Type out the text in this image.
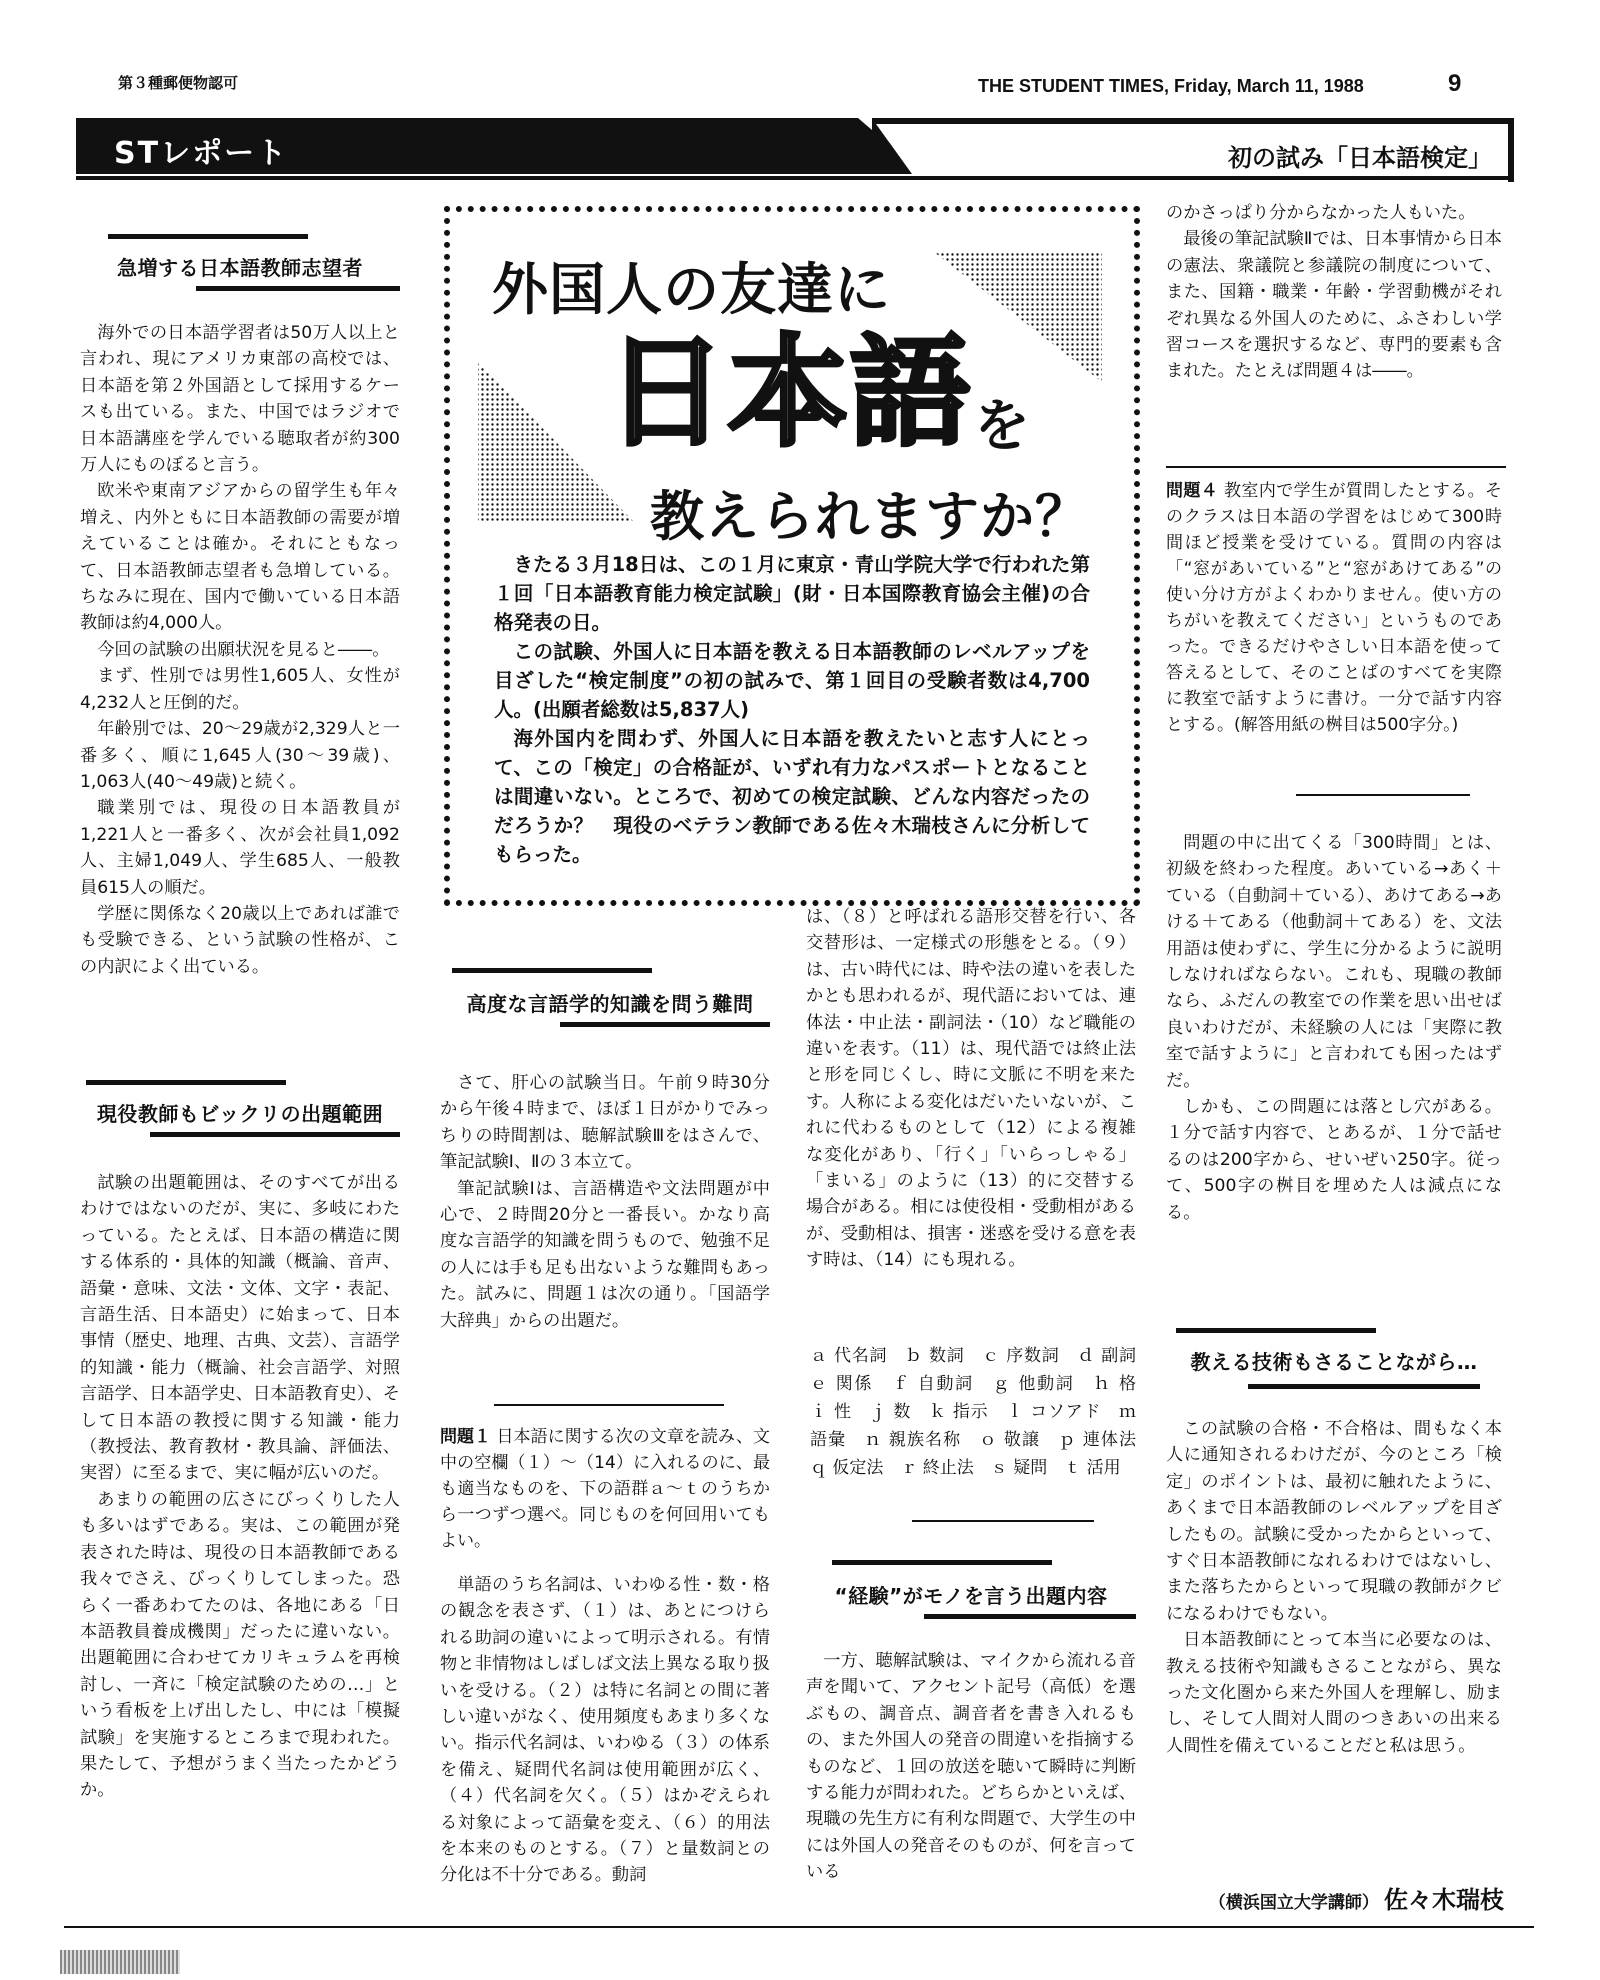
第３種郵便物認可	THE STUDENT TIMES, Friday, March 11, 1988	9
STレポート	初の試み「日本語検定」
急増する日本語教師志望者
海外での日本語学習者は50万人以上と言われ、現にアメリカ東部の高校では、日本語を第２外国語として採用するケースも出ている。また、中国ではラジオで日本語講座を学んでいる聴取者が約300万人にものぼると言う。
欧米や東南アジアからの留学生も年々増え、内外ともに日本語教師の需要が増えていることは確か。それにともなって、日本語教師志望者も急増している。ちなみに現在、国内で働いている日本語教師は約4,000人。
今回の試験の出願状況を見ると――。
まず、性別では男性1,605人、女性が4,232人と圧倒的だ。
年齢別では、20～29歳が2,329人と一番多く、順に1,645人(30～39歳)、1,063人(40～49歳)と続く。
職業別では、現役の日本語教員が1,221人と一番多く、次が会社員1,092人、主婦1,049人、学生685人、一般教員615人の順だ。
学歴に関係なく20歳以上であれば誰でも受験できる、という試験の性格が、この内訳によく出ている。
現役教師もビックリの出題範囲
試験の出題範囲は、そのすべてが出るわけではないのだが、実に、多岐にわたっている。たとえば、日本語の構造に関する体系的・具体的知識（概論、音声、語彙・意味、文法・文体、文字・表記、言語生活、日本語史）に始まって、日本事情（歴史、地理、古典、文芸）、言語学的知識・能力（概論、社会言語学、対照言語学、日本語学史、日本語教育史）、そして日本語の教授に関する知識・能力（教授法、教育教材・教具論、評価法、実習）に至るまで、実に幅が広いのだ。
あまりの範囲の広さにびっくりした人も多いはずである。実は、この範囲が発表された時は、現役の日本語教師である我々でさえ、びっくりしてしまった。恐らく一番あわてたのは、各地にある「日本語教員養成機関」だったに違いない。出題範囲に合わせてカリキュラムを再検討し、一斉に「検定試験のための…」という看板を上げ出したし、中には「模擬試験」を実施するところまで現われた。果たして、予想がうまく当たったかどうか。
外国人の友達に
日本語 を
教えられますか？
きたる３月18日は、この１月に東京・青山学院大学で行われた第１回「日本語教育能力検定試験」(財・日本国際教育協会主催)の合格発表の日。
この試験、外国人に日本語を教える日本語教師のレベルアップを目ざした“検定制度”の初の試みで、第１回目の受験者数は4,700人。(出願者総数は5,837人)
海外国内を問わず、外国人に日本語を教えたいと志す人にとって、この「検定」の合格証が、いずれ有力なパスポートとなることは間違いない。ところで、初めての検定試験、どんな内容だったのだろうか？　現役のベテラン教師である佐々木瑞枝さんに分析してもらった。
高度な言語学的知識を問う難問
さて、肝心の試験当日。午前９時30分から午後４時まで、ほぼ１日がかりでみっちりの時間割は、聴解試験Ⅲをはさんで、筆記試験Ⅰ、Ⅱの３本立て。
筆記試験Ⅰは、言語構造や文法問題が中心で、２時間20分と一番長い。かなり高度な言語学的知識を問うもので、勉強不足の人には手も足も出ないような難問もあった。試みに、問題１は次の通り。「国語学大辞典」からの出題だ。
問題１ 日本語に関する次の文章を読み、文中の空欄（１）～（14）に入れるのに、最も適当なものを、下の語群ａ～ｔのうちから一つずつ選べ。同じものを何回用いてもよい。
単語のうち名詞は、いわゆる性・数・格の観念を表さず、（１）は、あとにつけられる助詞の違いによって明示される。有情物と非情物はしばしば文法上異なる取り扱いを受ける。（２）は特に名詞との間に著しい違いがなく、使用頻度もあまり多くない。指示代名詞は、いわゆる（３）の体系を備え、疑問代名詞は使用範囲が広く、（４）代名詞を欠く。（５）はかぞえられる対象によって語彙を変え、（６）的用法を本来のものとする。（７）と量数詞との分化は不十分である。動詞
は、（８）と呼ばれる語形交替を行い、各交替形は、一定様式の形態をとる。（９）は、古い時代には、時や法の違いを表したかとも思われるが、現代語においては、連体法・中止法・副詞法・（10）など職能の違いを表す。（11）は、現代語では終止法と形を同じくし、時に文脈に不明を来たす。人称による変化はだいたいないが、これに代わるものとして（12）による複雑な変化があり、「行く」「いらっしゃる」「まいる」のように（13）的に交替する場合がある。相には使役相・受動相があるが、受動相は、損害・迷惑を受ける意を表す時は、（14）にも現れる。
ａ 代名詞　ｂ 数詞　ｃ 序数詞　ｄ 副詞　ｅ 関係　ｆ 自動詞　ｇ 他動詞　ｈ 格　ｉ 性　ｊ 数　ｋ 指示　ｌ コソアド　ｍ 語彙　ｎ 親族名称　ｏ 敬譲　ｐ 連体法　ｑ 仮定法　ｒ 終止法　ｓ 疑問　ｔ 活用
“経験”がモノを言う出題内容
一方、聴解試験は、マイクから流れる音声を聞いて、アクセント記号（高低）を選ぶもの、調音点、調音者を書き入れるもの、また外国人の発音の間違いを指摘するものなど、１回の放送を聴いて瞬時に判断する能力が問われた。どちらかといえば、現職の先生方に有利な問題で、大学生の中には外国人の発音そのものが、何を言っている
のかさっぱり分からなかった人もいた。
最後の筆記試験Ⅱでは、日本事情から日本の憲法、衆議院と参議院の制度について、また、国籍・職業・年齢・学習動機がそれぞれ異なる外国人のために、ふさわしい学習コースを選択するなど、専門的要素も含まれた。たとえば問題４は――。
問題４ 教室内で学生が質問したとする。そのクラスは日本語の学習をはじめて300時間ほど授業を受けている。質問の内容は「“窓があいている”と“窓があけてある”の使い分け方がよくわかりません。使い方のちがいを教えてください」というものであった。できるだけやさしい日本語を使って答えるとして、そのことばのすべてを実際に教室で話すように書け。一分で話す内容とする。(解答用紙の桝目は500字分。)
問題の中に出てくる「300時間」とは、初級を終わった程度。あいている→あく＋ている（自動詞＋ている）、あけてある→あける＋てある（他動詞＋てある）を、文法用語は使わずに、学生に分かるように説明しなければならない。これも、現職の教師なら、ふだんの教室での作業を思い出せば良いわけだが、未経験の人には「実際に教室で話すように」と言われても困ったはずだ。
しかも、この問題には落とし穴がある。１分で話す内容で、とあるが、１分で話せるのは200字から、せいぜい250字。従って、500字の桝目を埋めた人は減点になる。
教える技術もさることながら…
この試験の合格・不合格は、間もなく本人に通知されるわけだが、今のところ「検定」のポイントは、最初に触れたように、あくまで日本語教師のレベルアップを目ざしたもの。試験に受かったからといって、すぐ日本語教師になれるわけではないし、また落ちたからといって現職の教師がクビになるわけでもない。
日本語教師にとって本当に必要なのは、教える技術や知識もさることながら、異なった文化圏から来た外国人を理解し、励まし、そして人間対人間のつきあいの出来る人間性を備えていることだと私は思う。
（横浜国立大学講師） 佐々木瑞枝
